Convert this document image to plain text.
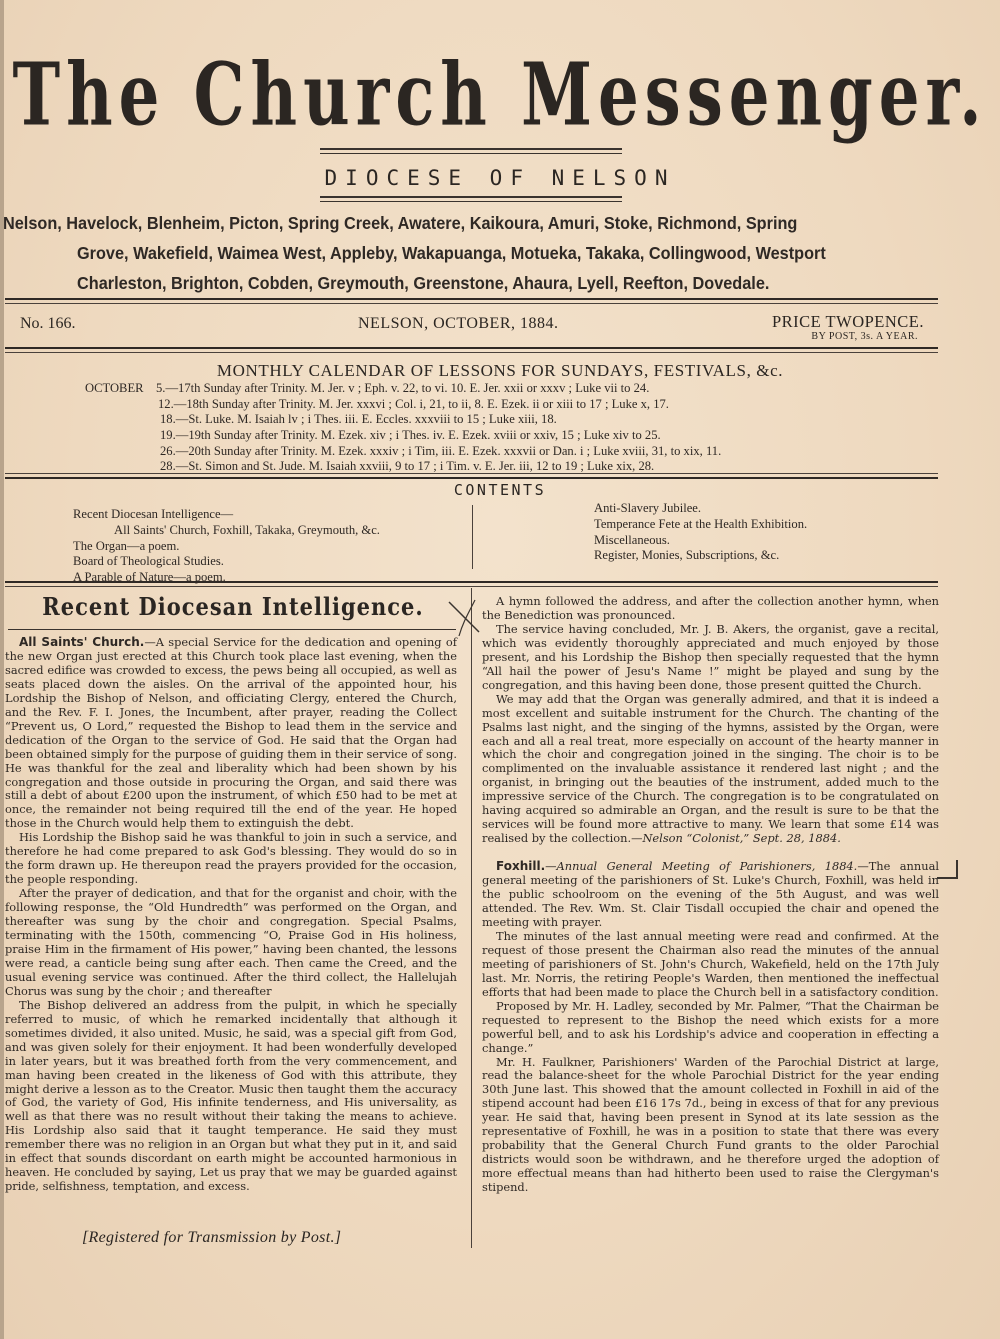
The Church Messenger.
DIOCESE OF NELSON
Nelson, Havelock, Blenheim, Picton, Spring Creek, Awatere, Kaikoura, Amuri, Stoke, Richmond, Spring
Grove, Wakefield, Waimea West, Appleby, Wakapuanga, Motueka, Takaka, Collingwood, Westport
Charleston, Brighton, Cobden, Greymouth, Greenstone, Ahaura, Lyell, Reefton, Dovedale.
No. 166.	NELSON, OCTOBER, 1884.	PRICE TWOPENCE.
BY POST, 3s. A YEAR.
MONTHLY CALENDAR OF LESSONS FOR SUNDAYS, FESTIVALS, &c.
OCTOBER 5.—17th Sunday after Trinity. M. Jer. v ; Eph. v. 22, to vi. 10. E. Jer. xxii or xxxv ; Luke vii to 24.
12.—18th Sunday after Trinity. M. Jer. xxxvi ; Col. i, 21, to ii, 8. E. Ezek. ii or xiii to 17 ; Luke x, 17.
18.—St. Luke. M. Isaiah lv ; i Thes. iii. E. Eccles. xxxviii to 15 ; Luke xiii, 18.
19.—19th Sunday after Trinity. M. Ezek. xiv ; i Thes. iv. E. Ezek. xviii or xxiv, 15 ; Luke xiv to 25.
26.—20th Sunday after Trinity. M. Ezek. xxxiv ; i Tim, iii. E. Ezek. xxxvii or Dan. i ; Luke xviii, 31, to xix, 11.
28.—St. Simon and St. Jude. M. Isaiah xxviii, 9 to 17 ; i Tim. v. E. Jer. iii, 12 to 19 ; Luke xix, 28.
CONTENTS
Recent Diocesan Intelligence—
All Saints' Church, Foxhill, Takaka, Greymouth, &c.
The Organ—a poem.
Board of Theological Studies.
A Parable of Nature—a poem.
Anti-Slavery Jubilee.
Temperance Fete at the Health Exhibition.
Miscellaneous.
Register, Monies, Subscriptions, &c.
Recent Diocesan Intelligence.

All Saints' Church.—A special Service for the dedication and opening of the new Organ just erected at this Church took place last evening, when the sacred edifice was crowded to excess, the pews being all occupied, as well as seats placed down the aisles. On the arrival of the appointed hour, his Lordship the Bishop of Nelson, and officiating Clergy, entered the Church, and the Rev. F. I. Jones, the Incumbent, after prayer, reading the Collect “Prevent us, O Lord,” requested the Bishop to lead them in the service and dedication of the Organ to the service of God. He said that the Organ had been obtained simply for the purpose of guiding them in their service of song. He was thankful for the zeal and liberality which had been shown by his congregation and those outside in procuring the Organ, and said there was still a debt of about £200 upon the instrument, of which £50 had to be met at once, the remainder not being required till the end of the year. He hoped those in the Church would help them to extinguish the debt.

His Lordship the Bishop said he was thankful to join in such a service, and therefore he had come prepared to ask God's blessing. They would do so in the form drawn up. He thereupon read the prayers provided for the occasion, the people responding.

After the prayer of dedication, and that for the organist and choir, with the following response, the “Old Hundredth” was performed on the Organ, and thereafter was sung by the choir and congregation. Special Psalms, terminating with the 150th, commencing “O, Praise God in His holiness, praise Him in the firmament of His power,” having been chanted, the lessons were read, a canticle being sung after each. Then came the Creed, and the usual evening service was continued. After the third collect, the Hallelujah Chorus was sung by the choir ; and thereafter

The Bishop delivered an address from the pulpit, in which he specially referred to music, of which he remarked incidentally that although it sometimes divided, it also united. Music, he said, was a special gift from God, and was given solely for their enjoyment. It had been wonderfully developed in later years, but it was breathed forth from the very commencement, and man having been created in the likeness of God with this attribute, they might derive a lesson as to the Creator. Music then taught them the accuracy of God, the variety of God, His infinite tenderness, and His universality, as well as that there was no result without their taking the means to achieve. His Lordship also said that it taught temperance. He said they must remember there was no religion in an Organ but what they put in it, and said in effect that sounds discordant on earth might be accounted harmonious in heaven. He concluded by saying, Let us pray that we may be guarded against pride, selfishness, temptation, and excess.

[Registered for Transmission by Post.]

A hymn followed the address, and after the collection another hymn, when the Benediction was pronounced.

The service having concluded, Mr. J. B. Akers, the organist, gave a recital, which was evidently thoroughly appreciated and much enjoyed by those present, and his Lordship the Bishop then specially requested that the hymn “All hail the power of Jesu's Name !” might be played and sung by the congregation, and this having been done, those present quitted the Church.

We may add that the Organ was generally admired, and that it is indeed a most excellent and suitable instrument for the Church. The chanting of the Psalms last night, and the singing of the hymns, assisted by the Organ, were each and all a real treat, more especially on account of the hearty manner in which the choir and congregation joined in the singing. The choir is to be complimented on the invaluable assistance it rendered last night ; and the organist, in bringing out the beauties of the instrument, added much to the impressive service of the Church. The congregation is to be congratulated on having acquired so admirable an Organ, and the result is sure to be that the services will be found more attractive to many. We learn that some £14 was realised by the collection.—Nelson “Colonist,” Sept. 28, 1884.

Foxhill.—Annual General Meeting of Parishioners, 1884.—The annual general meeting of the parishioners of St. Luke's Church, Foxhill, was held in the public schoolroom on the evening of the 5th August, and was well attended. The Rev. Wm. St. Clair Tisdall occupied the chair and opened the meeting with prayer.

The minutes of the last annual meeting were read and confirmed. At the request of those present the Chairman also read the minutes of the annual meeting of parishioners of St. John's Church, Wakefield, held on the 17th July last. Mr. Norris, the retiring People's Warden, then mentioned the ineffectual efforts that had been made to place the Church bell in a satisfactory condition.

Proposed by Mr. H. Ladley, seconded by Mr. Palmer, “That the Chairman be requested to represent to the Bishop the need which exists for a more powerful bell, and to ask his Lordship's advice and cooperation in effecting a change.”

Mr. H. Faulkner, Parishioners' Warden of the Parochial District at large, read the balance-sheet for the whole Parochial District for the year ending 30th June last. This showed that the amount collected in Foxhill in aid of the stipend account had been £16 17s 7d., being in excess of that for any previous year. He said that, having been present in Synod at its late session as the representative of Foxhill, he was in a position to state that there was every probability that the General Church Fund grants to the older Parochial districts would soon be withdrawn, and he therefore urged the adoption of more effectual means than had hitherto been used to raise the Clergyman's stipend.
